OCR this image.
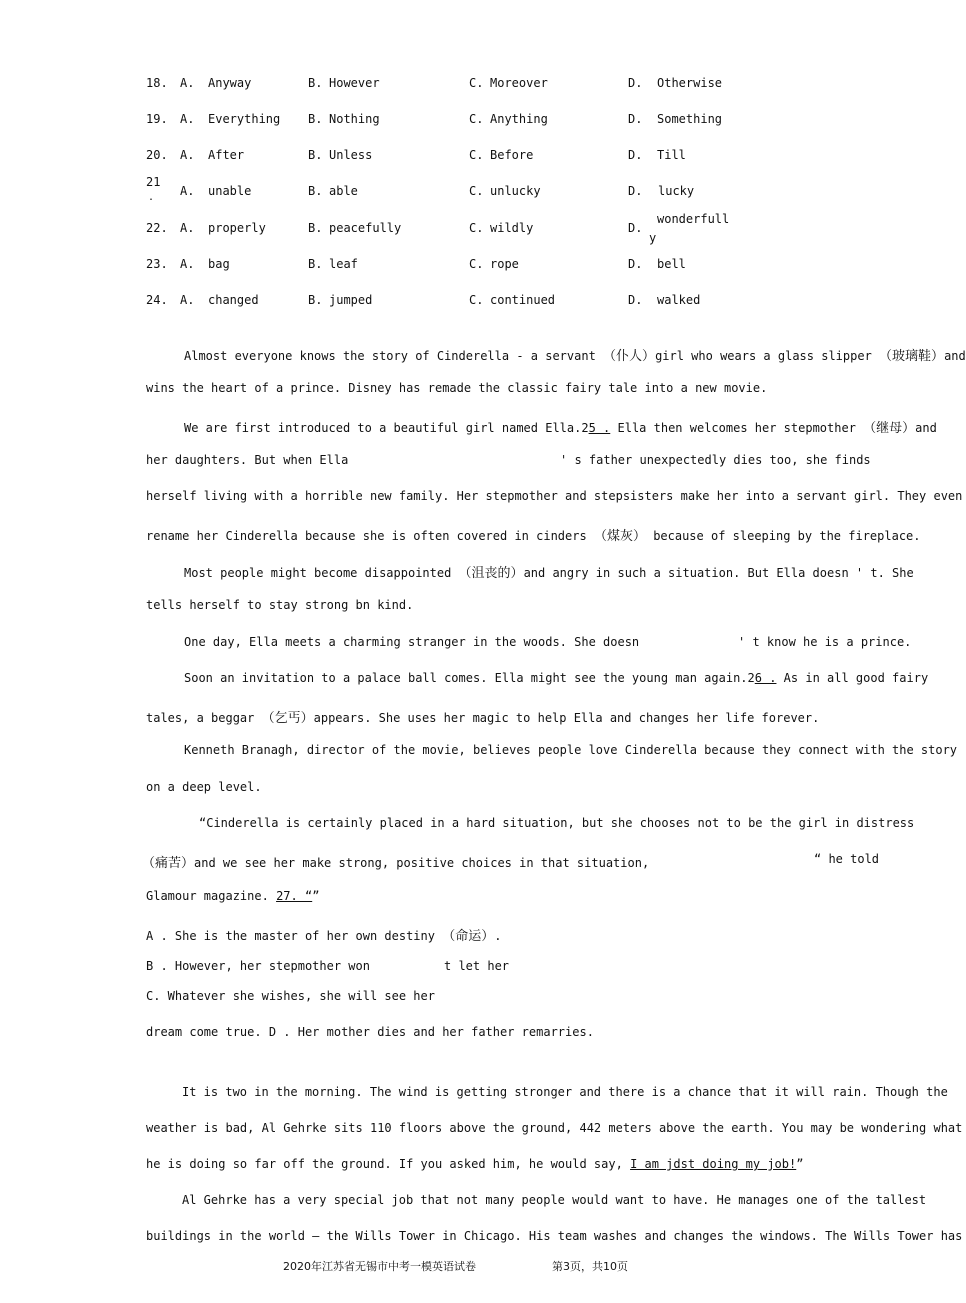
18. A. Anyway	B. However	C. Moreover	D. Otherwise
19. A. Everything B. Nothing	C. Anything	D. Something
20. A. After	B. Unless	C. Before	D. Till
21
. A. unable	B. able	C. unlucky	D. lucky
22. A. properly	B. peacefully	C. wildly	D.
wonderfull
y
23. A. bag	B. leaf	C. rope	D. bell
24. A. changed	B. jumped	C. continued	D. walked
Almost everyone knows the story of Cinderella - a servant （仆人）girl who wears a glass slipper （玻璃鞋）and
wins the heart of a prince. Disney has remade the classic fairy tale into a new movie.
We are first introduced to a beautiful girl named Ella.25 . Ella then welcomes her stepmother （继母）and
her daughters. But when Ella	' s father unexpectedly dies too, she finds
herself living with a horrible new family. Her stepmother and stepsisters make her into a servant girl. They even
rename her Cinderella because she is often covered in cinders （煤灰） because of sleeping by the fireplace.
Most people might become disappointed （沮丧的）and angry in such a situation. But Ella doesn ' t. She
tells herself to stay strong bn kind.
One day, Ella meets a charming stranger in the woods. She doesn	' t know he is a prince.
Soon an invitation to a palace ball comes. Ella might see the young man again.26 . As in all good fairy
tales, a beggar （乞丐）appears. She uses her magic to help Ella and changes her life forever.
Kenneth Branagh, director of the movie, believes people love Cinderella because they connect with the story
on a deep level.
“Cinderella is certainly placed in a hard situation, but she chooses not to be the girl in distress
（痛苦）and we see her make strong, positive choices in that situation,	“ he told
Glamour magazine. 27. “”
A . She is the master of her own destiny （命运）.
B . However, her stepmother won	t let her
C. Whatever she wishes, she will see her
dream come true. D . Her mother dies and her father remarries.
It is two in the morning. The wind is getting stronger and there is a chance that it will rain. Though the
weather is bad, Al Gehrke sits 110 floors above the ground, 442 meters above the earth. You may be wondering what
he is doing so far off the ground. If you asked him, he would say, I am jdst doing my job!”
Al Gehrke has a very special job that not many people would want to have. He manages one of the tallest
buildings in the world — the Wills Tower in Chicago. His team washes and changes the windows. The Wills Tower has
2020年江苏省无锡市中考一模英语试卷	第3页，共10页
